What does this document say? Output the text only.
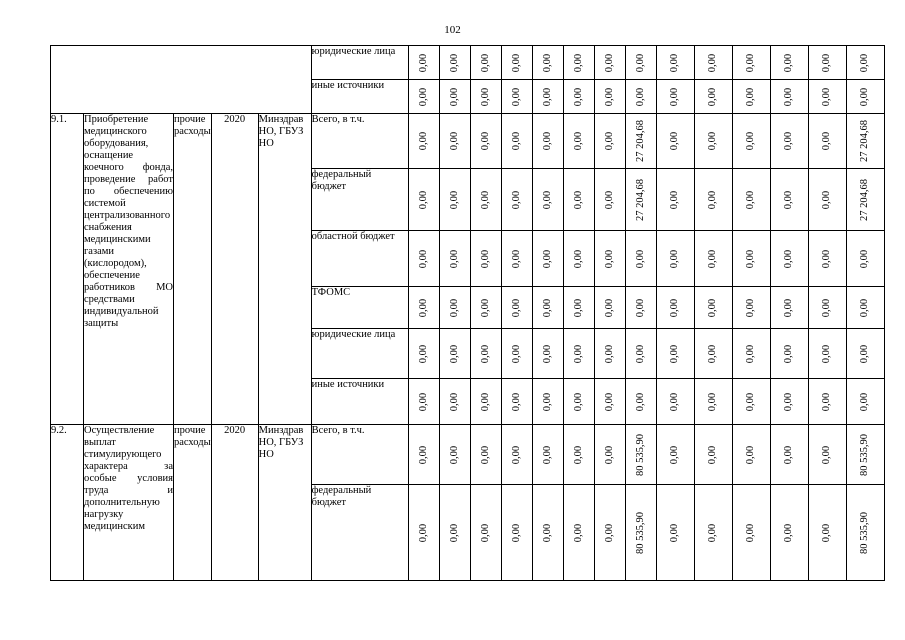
102
					юридические лица	0,00	0,00	0,00	0,00	0,00	0,00	0,00	0,00	0,00	0,00	0,00	0,00	0,00	0,00

					иные источники	0,00	0,00	0,00	0,00	0,00	0,00	0,00	0,00	0,00	0,00	0,00	0,00	0,00	0,00

9.1.	Приобретение медицинского оборудования, оснащение коечного фонда, проведение работ по обеспечению системой централизованного снабжения медицинскими газами (кислородом), обеспечение работников МО средствами индивидуальной защиты	прочие расходы	2020	Минздрав НО, ГБУЗ НО	Всего, в т.ч.	0,00	0,00	0,00	0,00	0,00	0,00	0,00	27 204,68	0,00	0,00	0,00	0,00	0,00	27 204,68

					федеральный бюджет	0,00	0,00	0,00	0,00	0,00	0,00	0,00	27 204,68	0,00	0,00	0,00	0,00	0,00	27 204,68

					областной бюджет	0,00	0,00	0,00	0,00	0,00	0,00	0,00	0,00	0,00	0,00	0,00	0,00	0,00	0,00

					ТФОМС	0,00	0,00	0,00	0,00	0,00	0,00	0,00	0,00	0,00	0,00	0,00	0,00	0,00	0,00

					юридические лица	0,00	0,00	0,00	0,00	0,00	0,00	0,00	0,00	0,00	0,00	0,00	0,00	0,00	0,00

					иные источники	0,00	0,00	0,00	0,00	0,00	0,00	0,00	0,00	0,00	0,00	0,00	0,00	0,00	0,00

9.2.	Осуществление выплат стимулирующего характера за особые условия труда и дополнительную нагрузку медицинским	прочие расходы	2020	Минздрав НО, ГБУЗ НО	Всего, в т.ч.	0,00	0,00	0,00	0,00	0,00	0,00	0,00	80 535,90	0,00	0,00	0,00	0,00	0,00	80 535,90

					федеральный бюджет	0,00	0,00	0,00	0,00	0,00	0,00	0,00	80 535,90	0,00	0,00	0,00	0,00	0,00	80 535,90
